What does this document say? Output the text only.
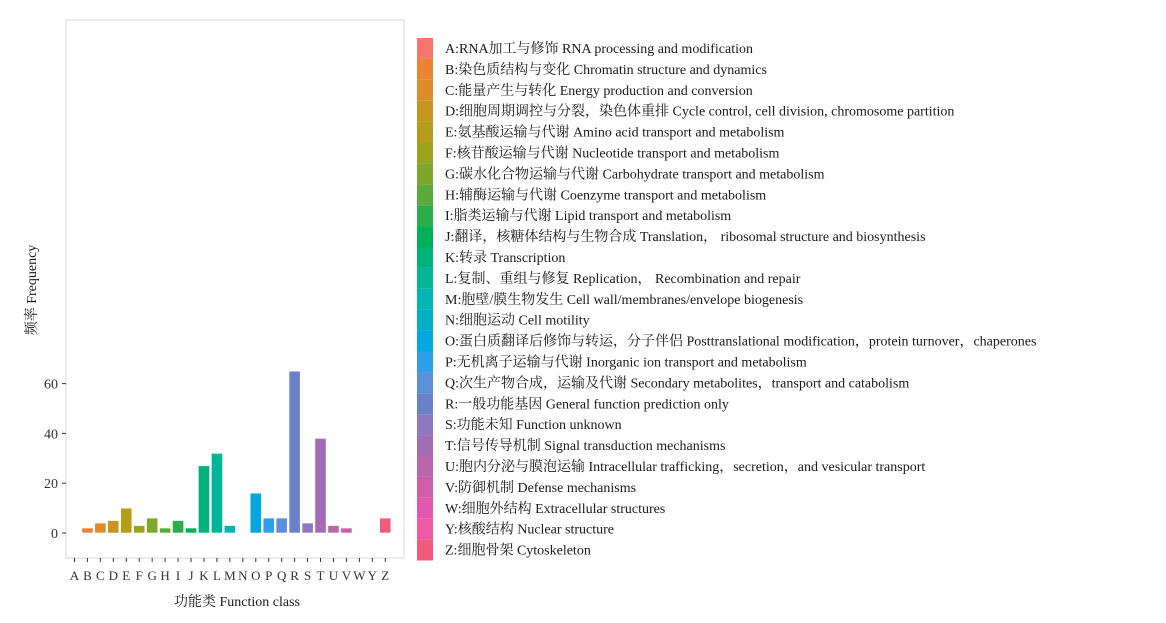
0
20
40
60
A B C D E F G H I J K L M N O P Q R S T U V W Y Z
功能类 Function class
频率 Frequency
A:RNA加工与修饰 RNA processing and modification
B:染色质结构与变化 Chromatin structure and dynamics
C:能量产生与转化 Energy production and conversion
D:细胞周期调控与分裂，染色体重排 Cycle control, cell division, chromosome partition
E:氨基酸运输与代谢 Amino acid transport and metabolism
F:核苷酸运输与代谢 Nucleotide transport and metabolism
G:碳水化合物运输与代谢 Carbohydrate transport and metabolism
H:辅酶运输与代谢 Coenzyme transport and metabolism
I:脂类运输与代谢 Lipid transport and metabolism
J:翻译，核糖体结构与生物合成 Translation， ribosomal structure and biosynthesis
K:转录 Transcription
L:复制、重组与修复 Replication， Recombination and repair
M:胞壁/膜生物发生 Cell wall/membranes/envelope biogenesis
N:细胞运动 Cell motility
O:蛋白质翻译后修饰与转运，分子伴侣 Posttranslational modification，protein turnover，chaperones
P:无机离子运输与代谢 Inorganic ion transport and metabolism
Q:次生产物合成，运输及代谢 Secondary metabolites，transport and catabolism
R:一般功能基因 General function prediction only
S:功能未知 Function unknown
T:信号传导机制 Signal transduction mechanisms
U:胞内分泌与膜泡运输 Intracellular trafficking，secretion，and vesicular transport
V:防御机制 Defense mechanisms
W:细胞外结构 Extracellular structures
Y:核酸结构 Nuclear structure
Z:细胞骨架 Cytoskeleton
